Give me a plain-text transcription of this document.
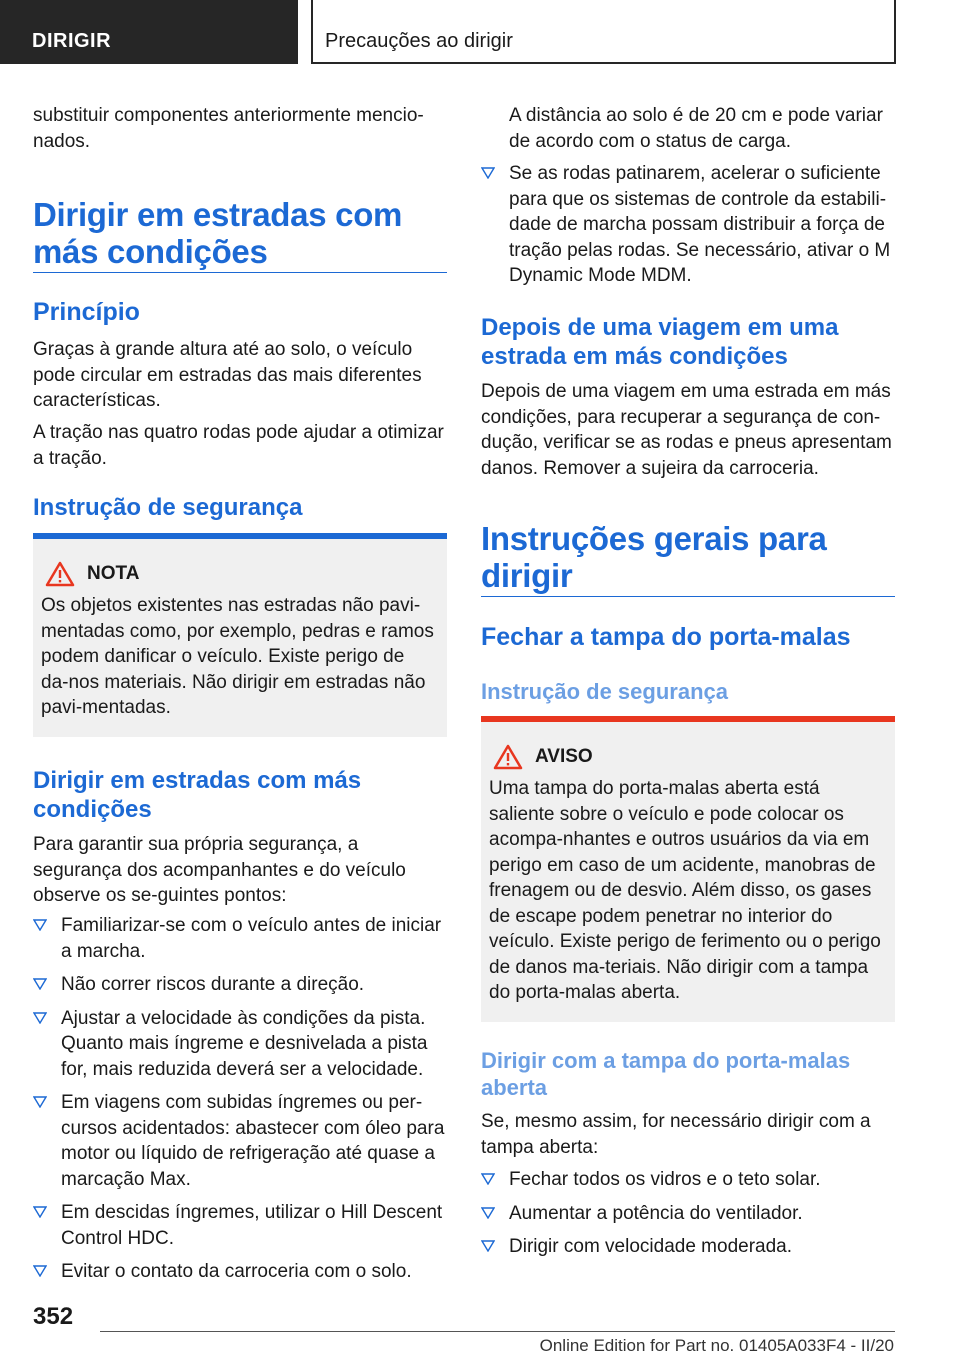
DIRIGIR	Precauções ao dirigir

substituir componentes anteriormente mencio-
nados.

Dirigir em estradas com
más condições
Princípio

Graças à grande altura até ao solo, o veículo pode circular em estradas das mais diferentes características.

A tração nas quatro rodas pode ajudar a otimizar a tração.

Instrução de segurança
NOTA

Os objetos existentes nas estradas não pavi-mentadas como, por exemplo, pedras e ramos podem danificar o veículo. Existe perigo de da-nos materiais. Não dirigir em estradas não pavi-mentadas.

Dirigir em estradas com más
condições

Para garantir sua própria segurança, a segurança dos acompanhantes e do veículo observe os se-guintes pontos:

Familiarizar-se com o veículo antes de iniciar a marcha.
Não correr riscos durante a direção.
Ajustar a velocidade às condições da pista. Quanto mais íngreme e desnivelada a pista for, mais reduzida deverá ser a velocidade.
Em viagens com subidas íngremes ou per-cursos acidentados: abastecer com óleo para motor ou líquido de refrigeração até quase a marcação Max.
Em descidas íngremes, utilizar o Hill Descent Control HDC.
Evitar o contato da carroceria com o solo.

A distância ao solo é de 20 cm e pode variar de acordo com o status de carga.

Se as rodas patinarem, acelerar o suficiente para que os sistemas de controle da estabili-dade de marcha possam distribuir a força de tração pelas rodas. Se necessário, ativar o M Dynamic Mode MDM.
Depois de uma viagem em uma
estrada em más condições

Depois de uma viagem em uma estrada em más condições, para recuperar a segurança de con-dução, verificar se as rodas e pneus apresentam danos. Remover a sujeira da carroceria.

Instruções gerais para
dirigir
Fechar a tampa do porta-malas
Instrução de segurança
AVISO

Uma tampa do porta-malas aberta está saliente sobre o veículo e pode colocar os acompa-nhantes e outros usuários da via em perigo em caso de um acidente, manobras de frenagem ou de desvio. Além disso, os gases de escape podem penetrar no interior do veículo. Existe perigo de ferimento ou o perigo de danos ma-teriais. Não dirigir com a tampa do porta-malas aberta.

Dirigir com a tampa do porta-malas
aberta

Se, mesmo assim, for necessário dirigir com a tampa aberta:

Fechar todos os vidros e o teto solar.
Aumentar a potência do ventilador.
Dirigir com velocidade moderada.
352
Online Edition for Part no. 01405A033F4 - II/20
